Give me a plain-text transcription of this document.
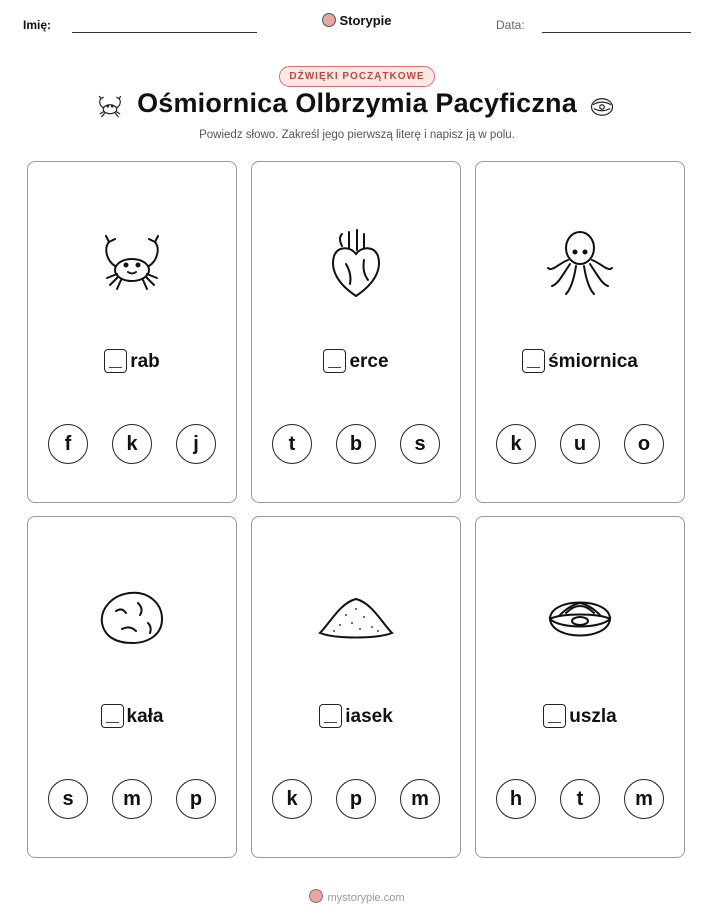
Imię:	Storypie	Data:
DŹWIĘKI POCZĄTKOWE
Ośmiornica Olbrzymia Pacyficzna
Powiedz słowo. Zakreśl jego pierwszą literę i napisz ją w polu.
rab
f	k	j
erce
t	b	s
śmiornica
k	u	o
kała
s	m	p
iasek
k	p	m
uszla
h	t	m
mystorypie.com
